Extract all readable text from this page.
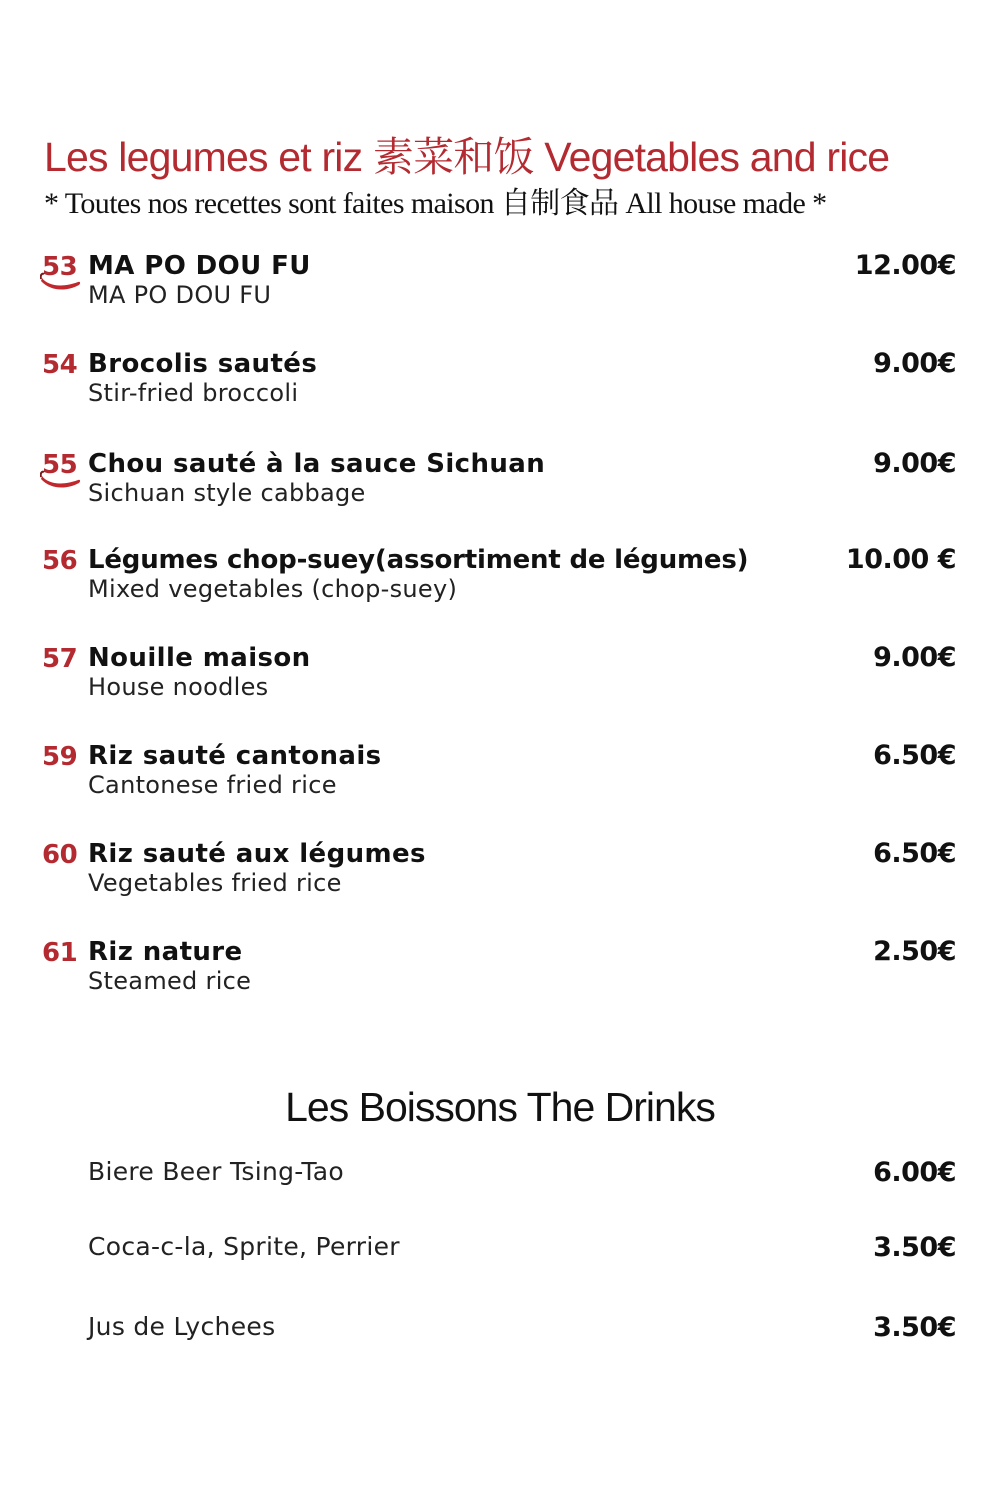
Les legumes et riz 素菜和饭 Vegetables and rice
* Toutes nos recettes sont faites maison 自制食品 All house made *
53 MA PO DOU FU
MA PO DOU FU
12.00€
54 Brocolis sautés
Stir-fried broccoli
9.00€
55 Chou sauté à la sauce Sichuan
Sichuan style cabbage
9.00€
56 Légumes chop-suey(assortiment de légumes)
Mixed vegetables (chop-suey)
10.00 €
57 Nouille maison
House noodles
9.00€
59 Riz sauté cantonais
Cantonese fried rice
6.50€
60 Riz sauté aux légumes
Vegetables fried rice
6.50€
61 Riz nature
Steamed rice
2.50€
Les Boissons The Drinks
Biere Beer Tsing-Tao	6.00€
Coca-c-la, Sprite, Perrier	3.50€
Jus de Lychees	3.50€
